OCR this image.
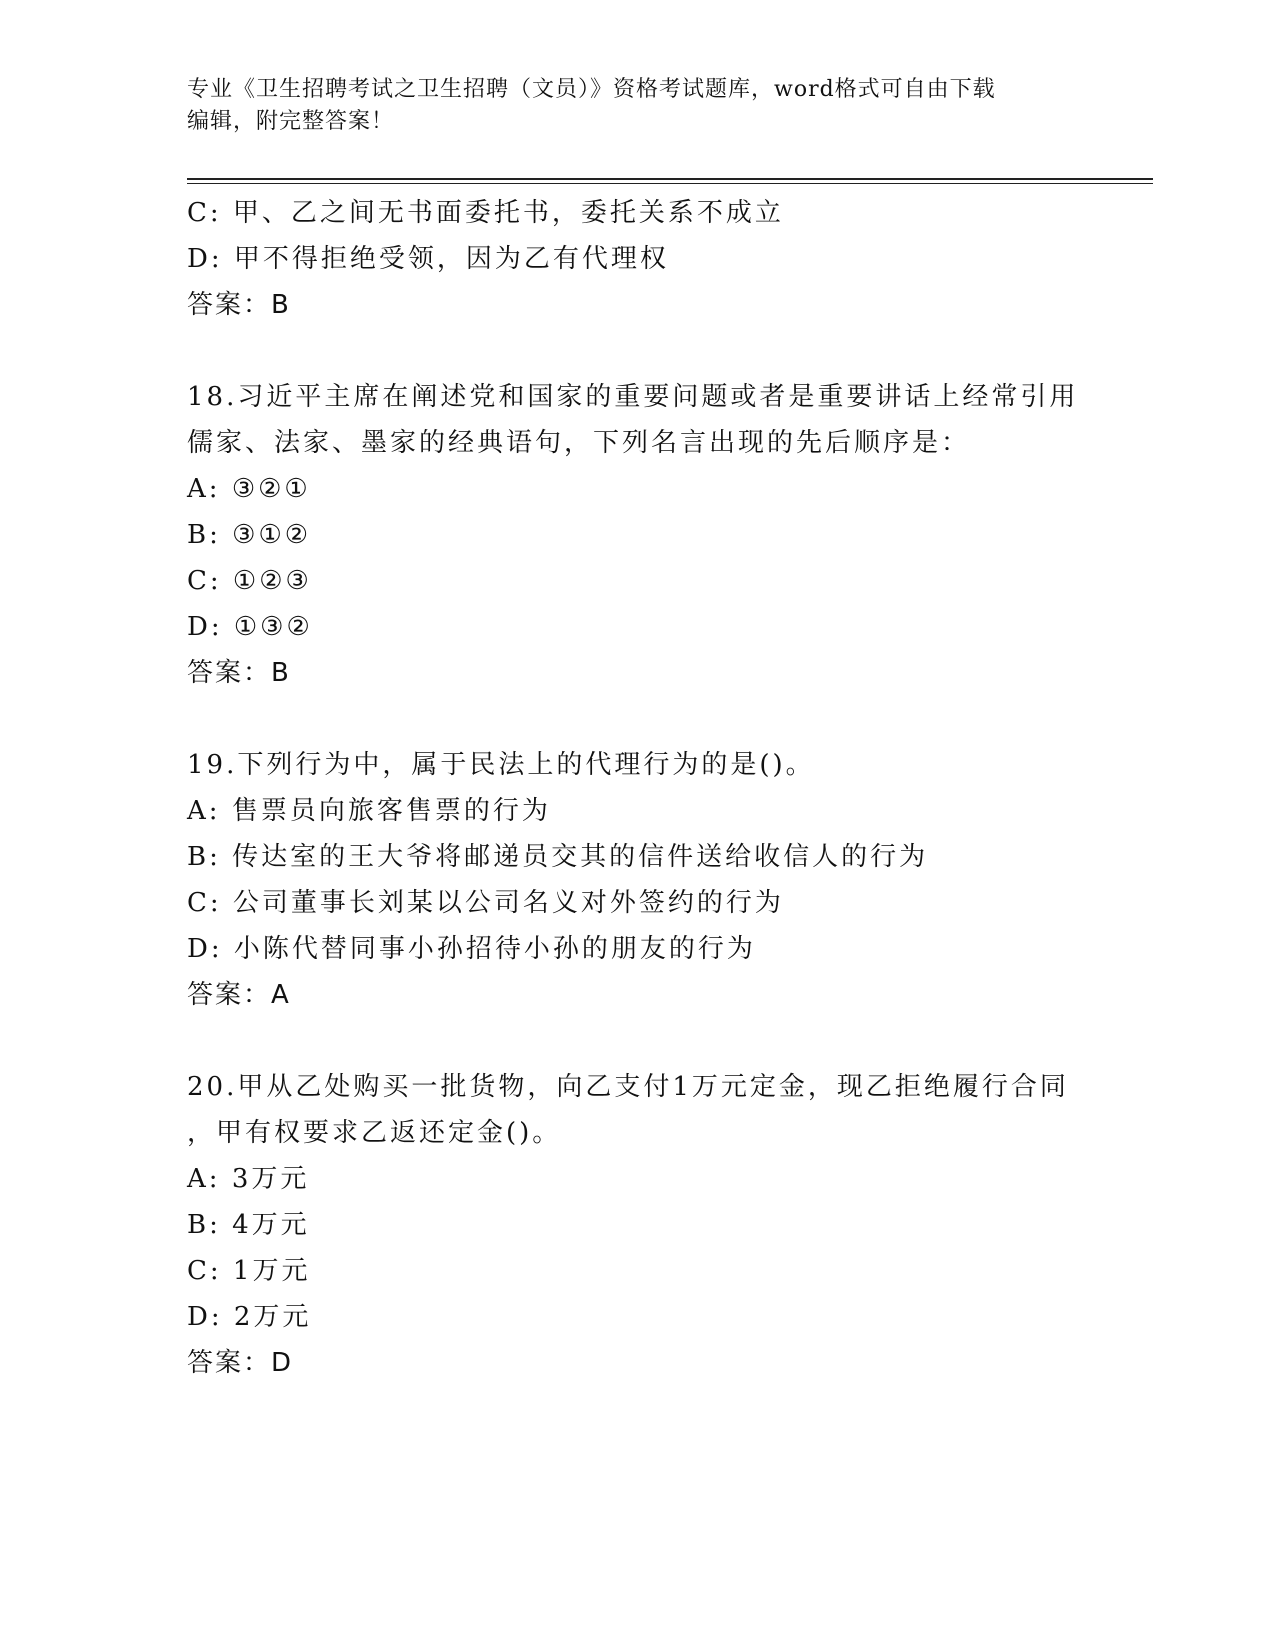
专业《卫生招聘考试之卫生招聘（文员）》资格考试题库，word格式可自由下载
编辑，附完整答案！
C: 甲、乙之间无书面委托书，委托关系不成立
D: 甲不得拒绝受领，因为乙有代理权
答案：B
18.习近平主席在阐述党和国家的重要问题或者是重要讲话上经常引用
儒家、法家、墨家的经典语句，下列名言出现的先后顺序是：
A: ③②①
B: ③①②
C: ①②③
D: ①③②
答案：B
19.下列行为中，属于民法上的代理行为的是()。
A: 售票员向旅客售票的行为
B: 传达室的王大爷将邮递员交其的信件送给收信人的行为
C: 公司董事长刘某以公司名义对外签约的行为
D: 小陈代替同事小孙招待小孙的朋友的行为
答案：A
20.甲从乙处购买一批货物，向乙支付1万元定金，现乙拒绝履行合同
，甲有权要求乙返还定金()。
A: 3万元
B: 4万元
C: 1万元
D: 2万元
答案：D
